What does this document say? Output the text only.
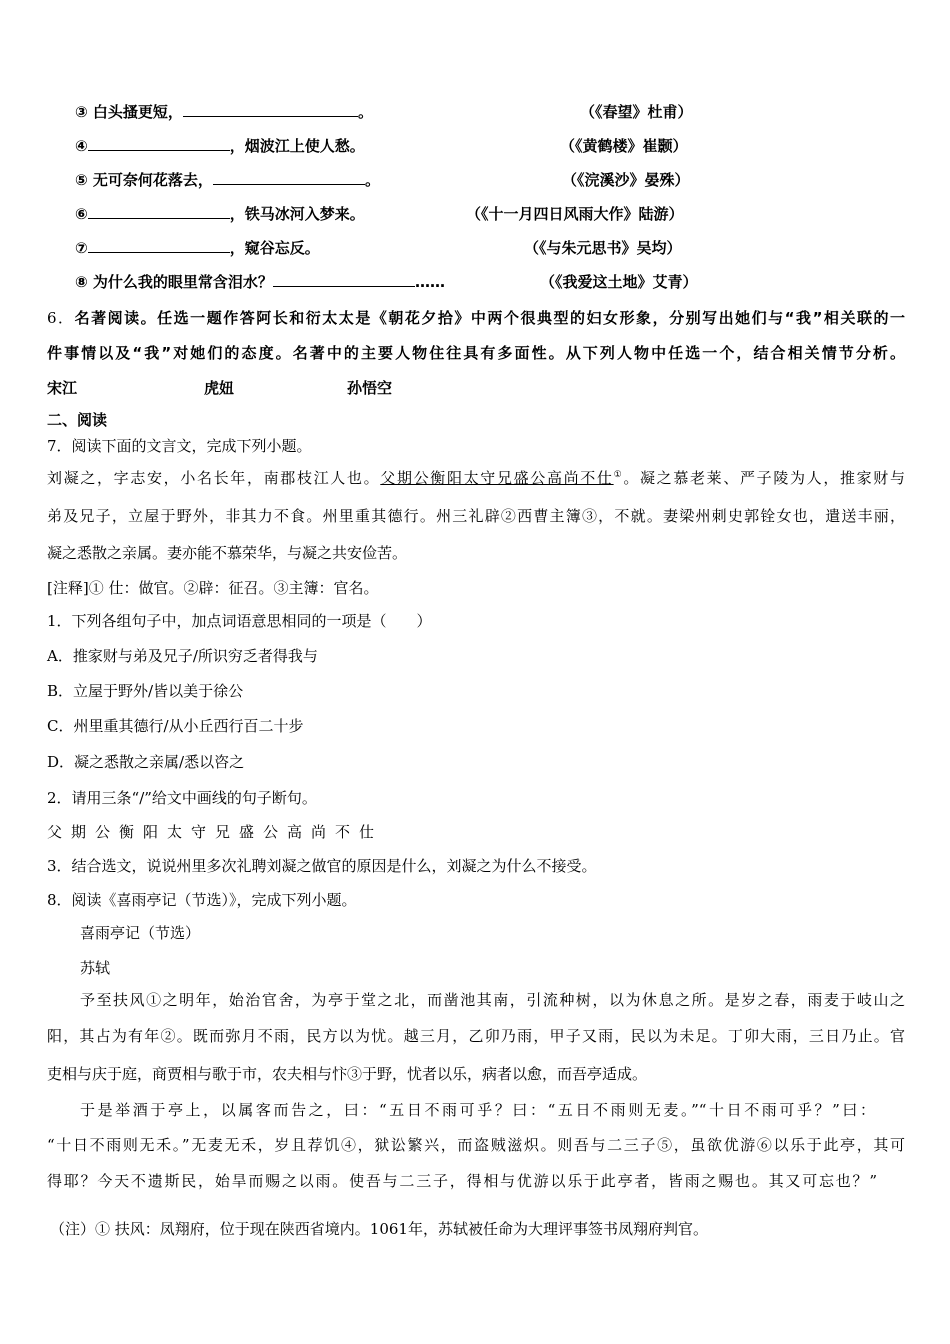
③ 白头搔更短，	。	（《春望》杜甫）
④	，烟波江上使人愁。	（《黄鹤楼》崔颢）
⑤ 无可奈何花落去，	。	（《浣溪沙》晏殊）
⑥	，铁马冰河入梦来。	（《十一月四日风雨大作》陆游）
⑦	，窥谷忘反。	（《与朱元思书》吴均）
⑧ 为什么我的眼里常含泪水？	……	（《我爱这土地》艾青）
6．名著阅读。任选一题作答阿长和衍太太是《朝花夕拾》中两个很典型的妇女形象，分别写出她们与“我”相关联的一
件事情以及“我”对她们的态度。名著中的主要人物住往具有多面性。从下列人物中任选一个，结合相关情节分析。
宋江	虎妞	孙悟空
二、阅读
7．阅读下面的文言文，完成下列小题。
刘凝之，字志安，小名长年，南郡枝江人也。父期公衡阳太守兄盛公高尚不仕①。凝之慕老莱、严子陵为人，推家财与
弟及兄子，立屋于野外，非其力不食。州里重其德行。州三礼辟②西曹主簿③，不就。妻梁州刺史郭铨女也，遣送丰丽，
凝之悉散之亲属。妻亦能不慕荣华，与凝之共安俭苦。
[注释]① 仕：做官。②辟：征召。③主簿：官名。
1．下列各组句子中，加点词语意思相同的一项是（　　）
A．推家财与弟及兄子/所识穷乏者得我与
B．立屋于野外/皆以美于徐公
C．州里重其德行/从小丘西行百二十步
D．凝之悉散之亲属/悉以咨之
2．请用三条“/”给文中画线的句子断句。
父期公衡阳太守兄盛公高尚不仕
3．结合选文，说说州里多次礼聘刘凝之做官的原因是什么，刘凝之为什么不接受。
8．阅读《喜雨亭记（节选）》，完成下列小题。
喜雨亭记（节选）
苏轼
予至扶风①之明年，始治官舍，为亭于堂之北，而凿池其南，引流种树，以为休息之所。是岁之春，雨麦于岐山之
阳，其占为有年②。既而弥月不雨，民方以为忧。越三月，乙卯乃雨，甲子又雨，民以为未足。丁卯大雨，三日乃止。官
吏相与庆于庭，商贾相与歌于市，农夫相与忭③于野，忧者以乐，病者以愈，而吾亭适成。
于是举酒于亭上，以属客而告之，曰：“五日不雨可乎？曰：“五日不雨则无麦。”“十日不雨可乎？”曰：
“十日不雨则无禾。”无麦无禾，岁且荐饥④，狱讼繁兴，而盗贼滋炽。则吾与二三子⑤，虽欲优游⑥以乐于此亭，其可
得耶？今天不遗斯民，始旱而赐之以雨。使吾与二三子，得相与优游以乐于此亭者，皆雨之赐也。其又可忘也？”
（注）① 扶风：凤翔府，位于现在陕西省境内。1061年，苏轼被任命为大理评事签书凤翔府判官。
